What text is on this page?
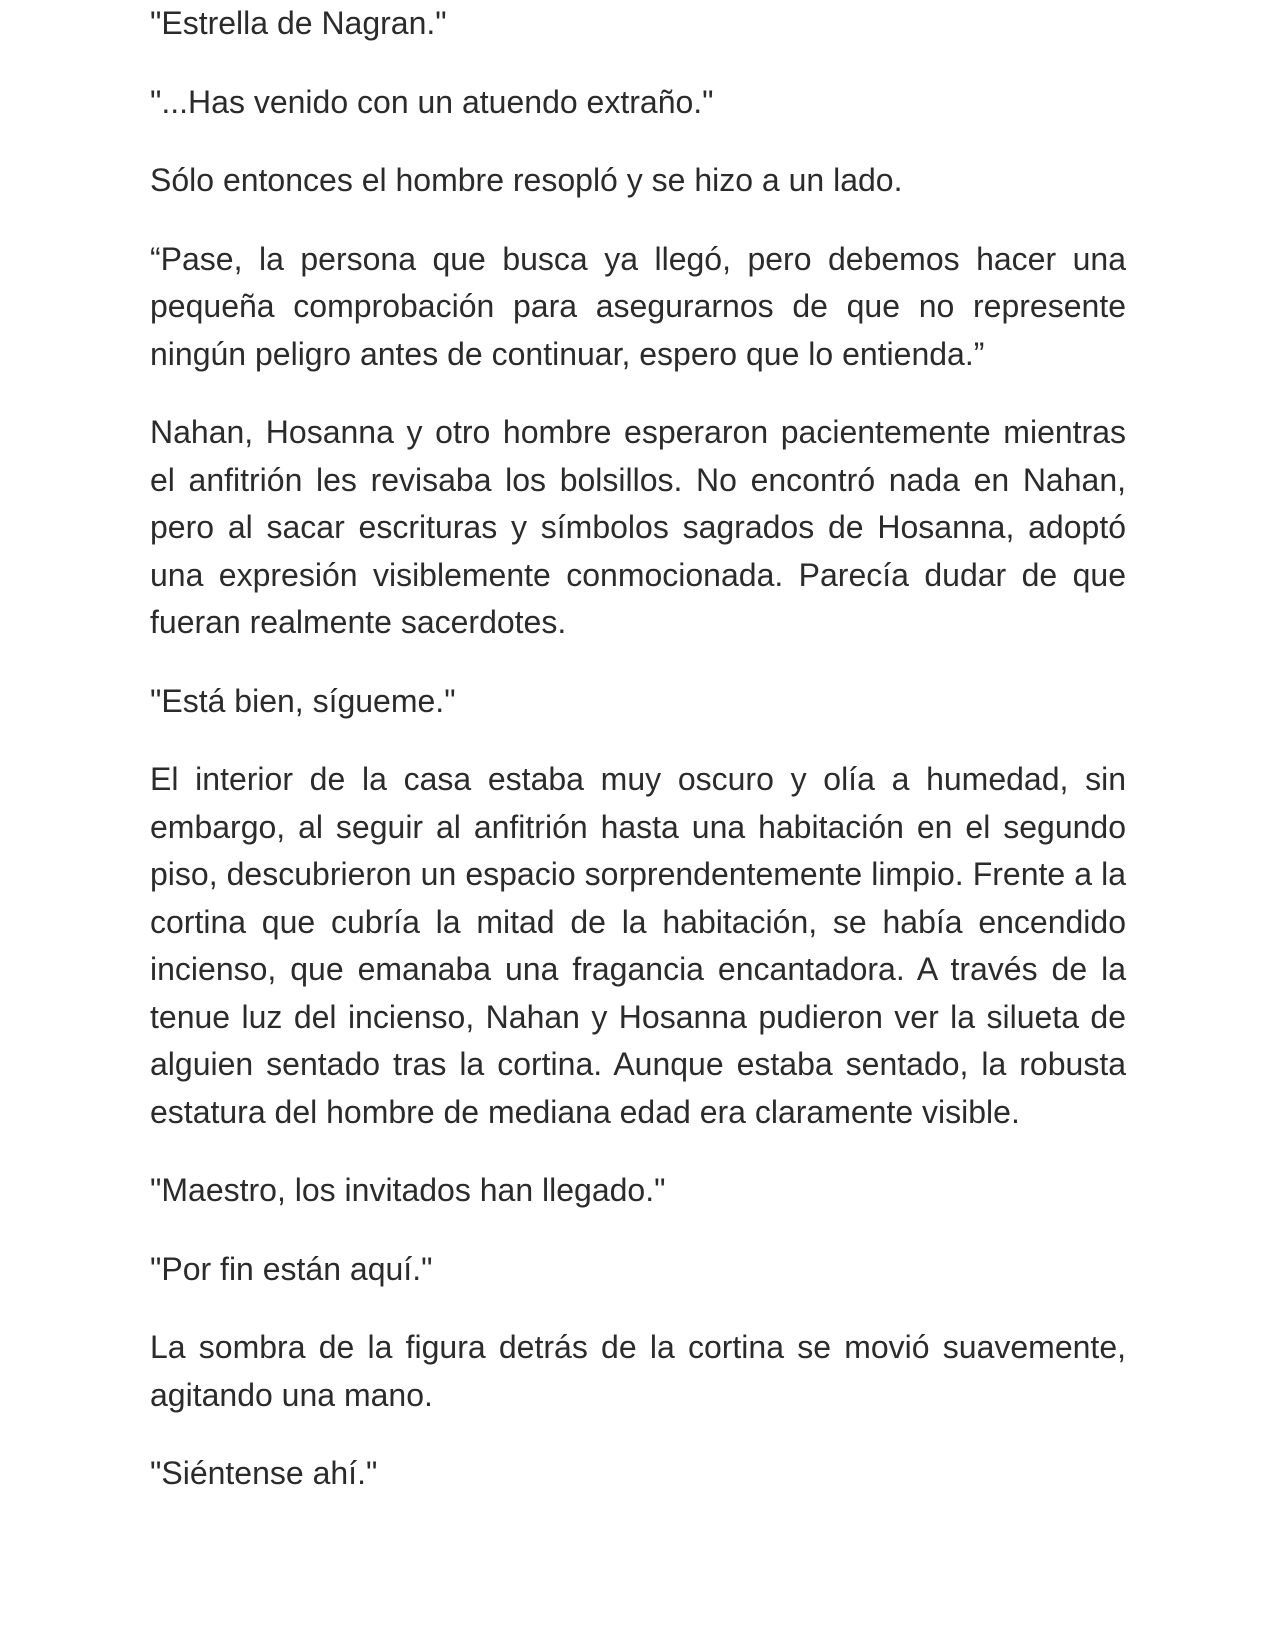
"Estrella de Nagran."

"...Has venido con un atuendo extraño."

Sólo entonces el hombre resopló y se hizo a un lado.

“Pase, la persona que busca ya llegó, pero debemos hacer una pequeña comprobación para asegurarnos de que no represente ningún peligro antes de continuar, espero que lo entienda.”

Nahan, Hosanna y otro hombre esperaron pacientemente mientras el anfitrión les revisaba los bolsillos. No encontró nada en Nahan, pero al sacar escrituras y símbolos sagrados de Hosanna, adoptó una expresión visiblemente conmocionada. Parecía dudar de que fueran realmente sacerdotes.

"Está bien, sígueme."

El interior de la casa estaba muy oscuro y olía a humedad, sin embargo, al seguir al anfitrión hasta una habitación en el segundo piso, descubrieron un espacio sorprendentemente limpio. Frente a la cortina que cubría la mitad de la habitación, se había encendido incienso, que emanaba una fragancia encantadora. A través de la tenue luz del incienso, Nahan y Hosanna pudieron ver la silueta de alguien sentado tras la cortina. Aunque estaba sentado, la robusta estatura del hombre de mediana edad era claramente visible.

"Maestro, los invitados han llegado."

"Por fin están aquí."

La sombra de la figura detrás de la cortina se movió suavemente, agitando una mano.

"Siéntense ahí."
